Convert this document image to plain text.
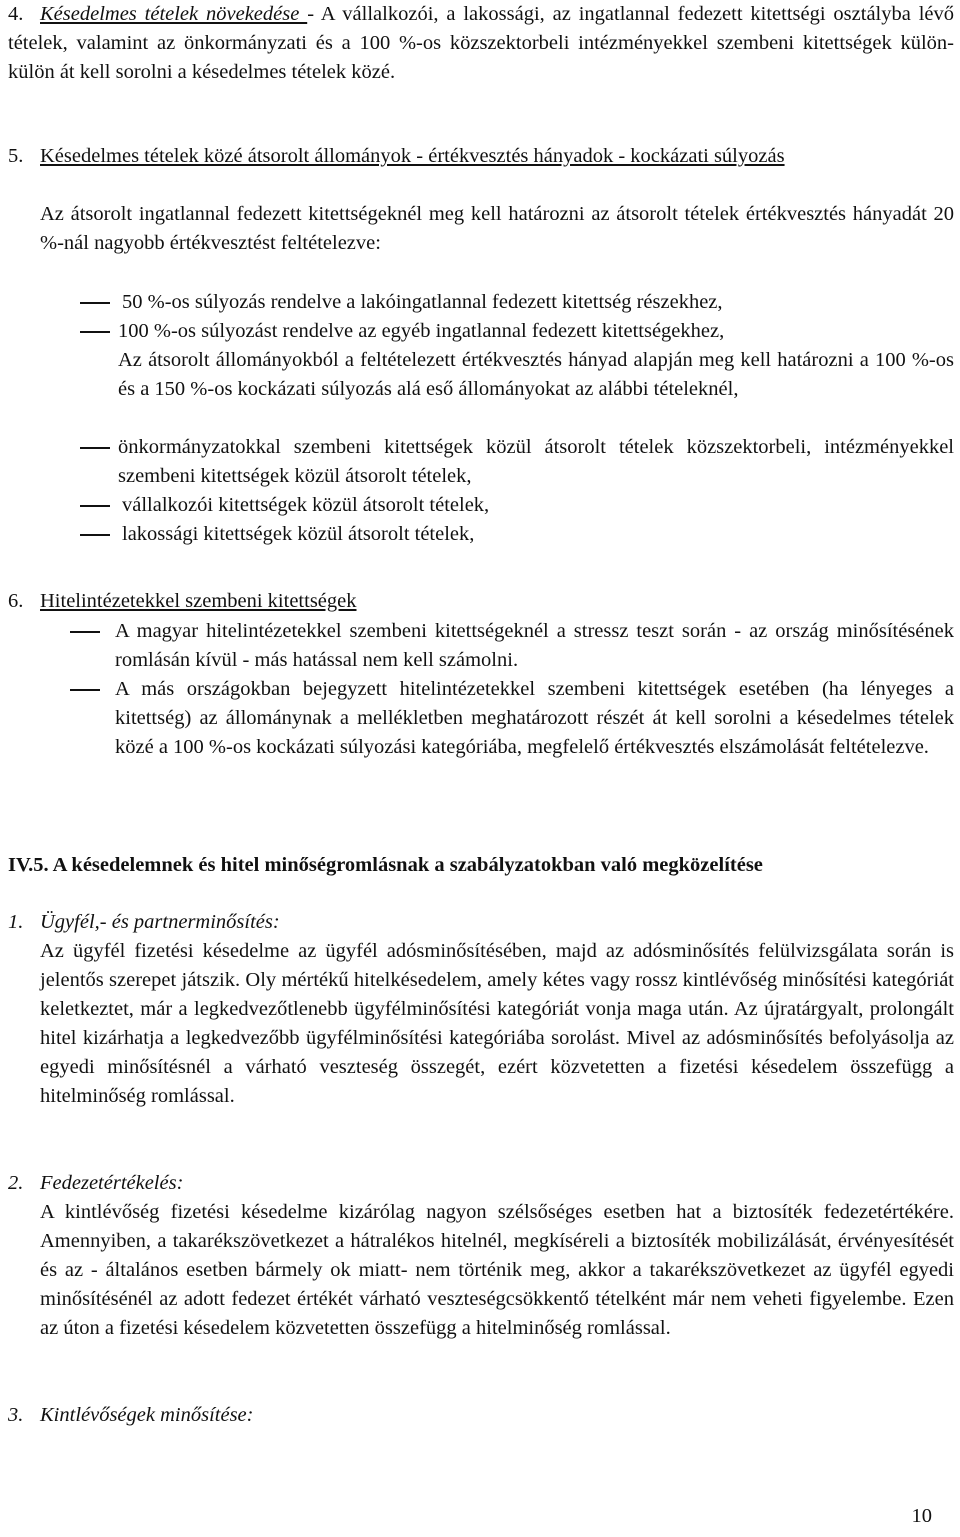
4. Késedelmes tételek növekedése - A vállalkozói, a lakossági, az ingatlannal fedezett kitettségi osztályba lévő tételek, valamint az önkormányzati és a 100 %-os közszektorbeli intézményekkel szembeni kitettségek külön-külön át kell sorolni a késedelmes tételek közé.

5. Késedelmes tételek közé átsorolt állományok - értékvesztés hányadok - kockázati súlyozás

Az átsorolt ingatlannal fedezett kitettségeknél meg kell határozni az átsorolt tételek értékvesztés hányadát 20 %-nál nagyobb értékvesztést feltételezve:

50 %-os súlyozás rendelve a lakóingatlannal fedezett kitettség részekhez,

100 %-os súlyozást rendelve az egyéb ingatlannal fedezett kitettségekhez,

Az átsorolt állományokból a feltételezett értékvesztés hányad alapján meg kell határozni a 100 %-os és a 150 %-os kockázati súlyozás alá eső állományokat az alábbi tételeknél,

önkormányzatokkal szembeni kitettségek közül átsorolt tételek közszektorbeli, intézményekkel szembeni kitettségek közül átsorolt tételek,

vállalkozói kitettségek közül átsorolt tételek,

lakossági kitettségek közül átsorolt tételek,

6. Hitelintézetekkel szembeni kitettségek

A magyar hitelintézetekkel szembeni kitettségeknél a stressz teszt során - az ország minősítésének romlásán kívül - más hatással nem kell számolni.

A más országokban bejegyzett hitelintézetekkel szembeni kitettségek esetében (ha lényeges a kitettség) az állománynak a mellékletben meghatározott részét át kell sorolni a késedelmes tételek közé a 100 %-os kockázati súlyozási kategóriába, megfelelő értékvesztés elszámolását feltételezve.

IV.5. A késedelemnek és hitel minőségromlásnak a szabályzatokban való megközelítése

1. Ügyfél,- és partnerminősítés:

Az ügyfél fizetési késedelme az ügyfél adósminősítésében, majd az adósminősítés felülvizsgálata során is jelentős szerepet játszik. Oly mértékű hitelkésedelem, amely kétes vagy rossz kintlévőség minősítési kategóriát keletkeztet, már a legkedvezőtlenebb ügyfélminősítési kategóriát vonja maga után. Az újratárgyalt, prolongált hitel kizárhatja a legkedvezőbb ügyfélminősítési kategóriába sorolást. Mivel az adósminősítés befolyásolja az egyedi minősítésnél a várható veszteség összegét, ezért közvetetten a fizetési késedelem összefügg a hitelminőség romlással.

2. Fedezetértékelés:

A kintlévőség fizetési késedelme kizárólag nagyon szélsőséges esetben hat a biztosíték fedezetértékére. Amennyiben, a takarékszövetkezet a hátralékos hitelnél, megkíséreli a biztosíték mobilizálását, érvényesítését és az - általános esetben bármely ok miatt- nem történik meg, akkor a takarékszövetkezet az ügyfél egyedi minősítésénél az adott fedezet értékét várható veszteségcsökkentő tételként már nem veheti figyelembe. Ezen az úton a fizetési késedelem közvetetten összefügg a hitelminőség romlással.

3. Kintlévőségek minősítése:

10
